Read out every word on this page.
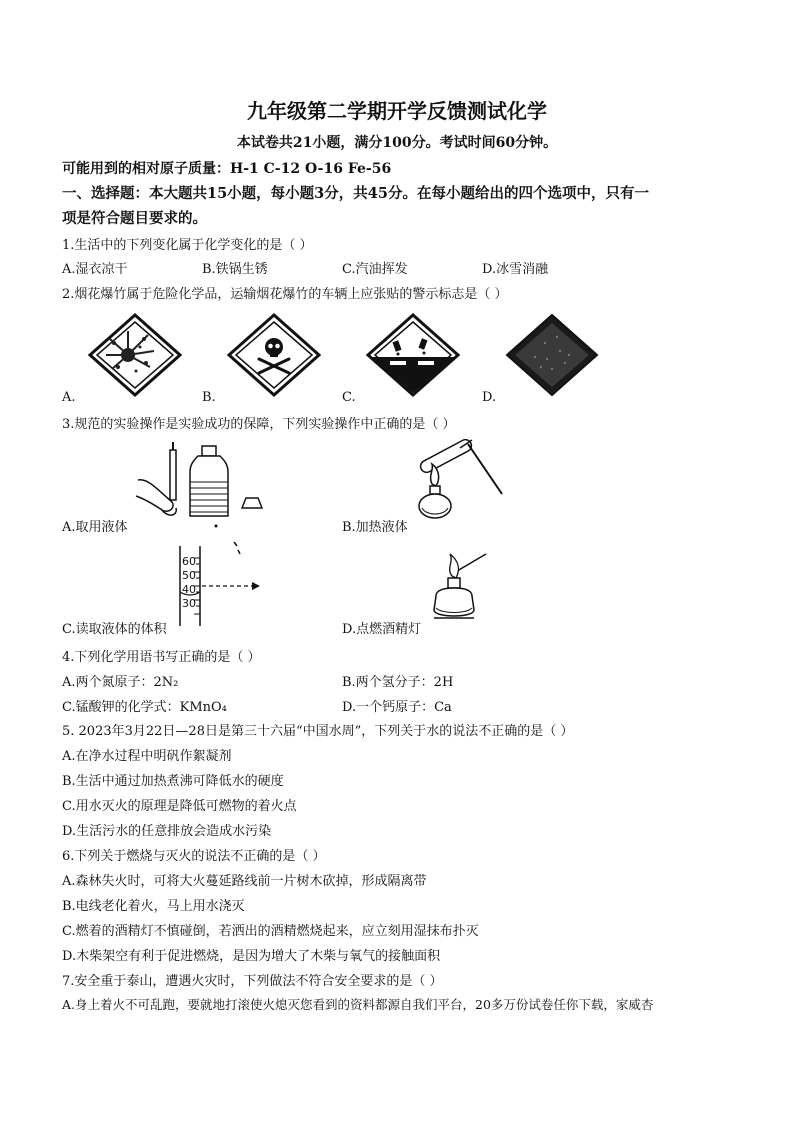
九年级第二学期开学反馈测试化学
本试卷共21小题，满分100分。考试时间60分钟。
可能用到的相对原子质量：H-1 C-12 O-16 Fe-56
一、选择题：本大题共15小题，每小题3分，共45分。在每小题给出的四个选项中，只有一
项是符合题目要求的。
1.生活中的下列变化属于化学变化的是（ ）
A.湿衣凉干	B.铁锅生锈	C.汽油挥发	D.冰雪消融
2.烟花爆竹属于危险化学品，运输烟花爆竹的车辆上应张贴的警示标志是（ ）
A.	B.	C.	D.
3.规范的实验操作是实验成功的保障，下列实验操作中正确的是（ ）
A.取用液体	B.加热液体
60
50
40
30
C.读取液体的体积	D.点燃酒精灯
4.下列化学用语书写正确的是（ ）
A.两个氮原子：2N₂	B.两个氢分子：2H
C.锰酸钾的化学式：KMnO₄	D.一个钙原子：Ca
5. 2023年3月22日—28日是第三十六届“中国水周”，下列关于水的说法不正确的是（ ）
A.在净水过程中明矾作絮凝剂
B.生活中通过加热煮沸可降低水的硬度
C.用水灭火的原理是降低可燃物的着火点
D.生活污水的任意排放会造成水污染
6.下列关于燃烧与灭火的说法不正确的是（ ）
A.森林失火时，可将大火蔓延路线前一片树木砍掉，形成隔离带
B.电线老化着火，马上用水浇灭
C.燃着的酒精灯不慎碰倒，若洒出的酒精燃烧起来，应立刻用湿抹布扑灭
D.木柴架空有利于促进燃烧，是因为增大了木柴与氧气的接触面积
7.安全重于泰山，遭遇火灾时，下列做法不符合安全要求的是（ ）
A.身上着火不可乱跑，要就地打滚使火熄灭您看到的资料都源自我们平台，20多万份试卷任你下载，家威杏
